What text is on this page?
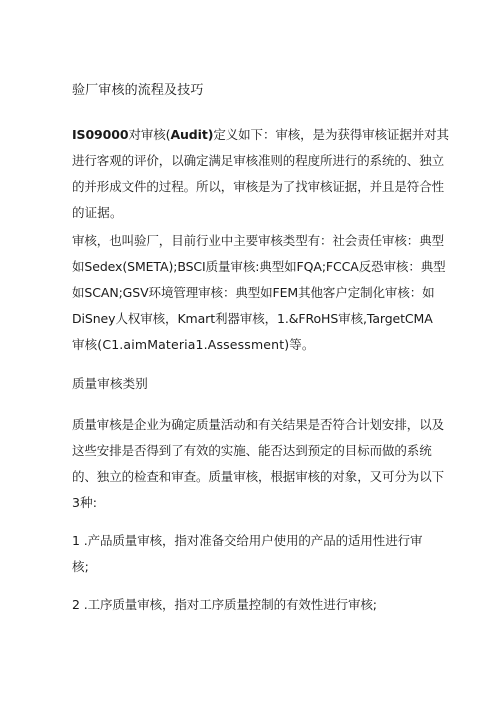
验厂审核的流程及技巧
IS09000对审核(Audit)定义如下：审核，是为获得审核证据并对其
进行客观的评价，以确定满足审核准则的程度所进行的系统的、独立
的并形成文件的过程。所以，审核是为了找审核证据，并且是符合性
的证据。
审核，也叫验厂，目前行业中主要审核类型有：社会责任审核：典型
如Sedex(SMETA);BSCI质量审核:典型如FQA;FCCA反恐审核：典型
如SCAN;GSV环境管理审核：典型如FEM其他客户定制化审核：如
DiSney人权审核，Kmart利器审核，1.&FRoHS审核,TargetCMA
审核(C1.aimMateria1.Assessment)等。
质量审核类别
质量审核是企业为确定质量活动和有关结果是否符合计划安排，以及
这些安排是否得到了有效的实施、能否达到预定的目标而做的系统
的、独立的检查和审查。质量审核，根据审核的对象，又可分为以下
3种:
1 .产品质量审核，指对准备交给用户使用的产品的适用性进行审
核;
2 .工序质量审核，指对工序质量控制的有效性进行审核;
